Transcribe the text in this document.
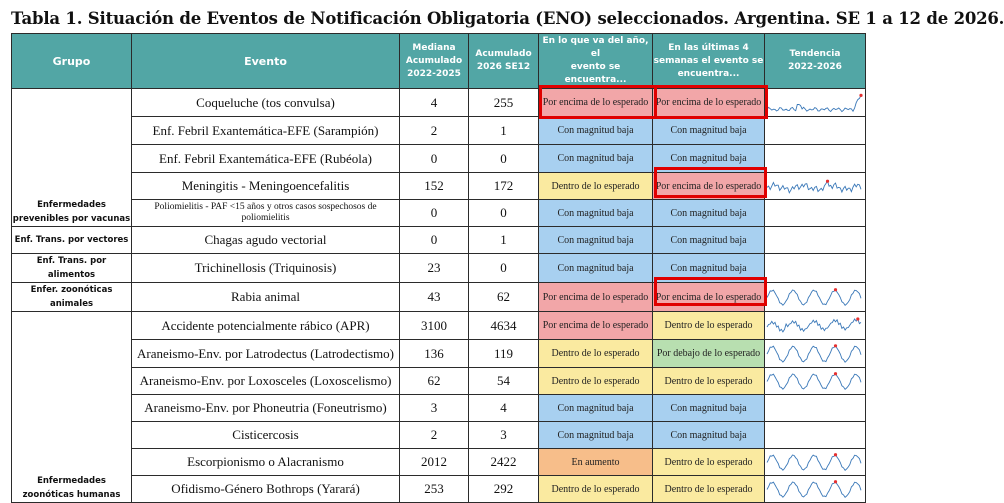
Tabla 1. Situación de Eventos de Notificación Obligatoria (ENO) seleccionados. Argentina. SE 1 a 12 de 2026.
Grupo	Evento	Mediana
Acumulado
2022-2025	Acumulado
2026 SE12	En lo que va del año, el
evento se encuentra...	En las últimas 4
semanas el evento se
encuentra...	Tendencia
2022-2026
Enfermedades prevenibles por vacunas	Coqueluche (tos convulsa)	4	255	Por encima de lo esperado	Por encima de lo esperado	

	Enf. Febril Exantemática-EFE (Sarampión)	2	1	Con magnitud baja	Con magnitud baja	
	Enf. Febril Exantemática-EFE (Rubéola)	0	0	Con magnitud baja	Con magnitud baja	
	Meningitis - Meningoencefalitis	152	172	Dentro de lo esperado	Por encima de lo esperado	

	Poliomielitis - PAF <15 años y otros casos sospechosos de poliomielitis	0	0	Con magnitud baja	Con magnitud baja	
Enf. Trans. por vectores	Chagas agudo vectorial	0	1	Con magnitud baja	Con magnitud baja	
Enf. Trans. por alimentos	Trichinellosis (Triquinosis)	23	0	Con magnitud baja	Con magnitud baja	
Enfer. zoonóticas animales	Rabia animal	43	62	Por encima de lo esperado	Por encima de lo esperado	

Enfermedades zoonóticas humanas	Accidente potencialmente rábico (APR)	3100	4634	Por encima de lo esperado	Dentro de lo esperado	

	Araneismo-Env. por Latrodectus (Latrodectismo)	136	119	Dentro de lo esperado	Por debajo de lo esperado	

	Araneismo-Env. por Loxosceles (Loxoscelismo)	62	54	Dentro de lo esperado	Dentro de lo esperado	

	Araneismo-Env. por Phoneutria (Foneutrismo)	3	4	Con magnitud baja	Con magnitud baja	
	Cisticercosis	2	3	Con magnitud baja	Con magnitud baja	
	Escorpionismo o Alacranismo	2012	2422	En aumento	Dentro de lo esperado	

	Ofidismo-Género Bothrops (Yarará)	253	292	Dentro de lo esperado	Dentro de lo esperado	
